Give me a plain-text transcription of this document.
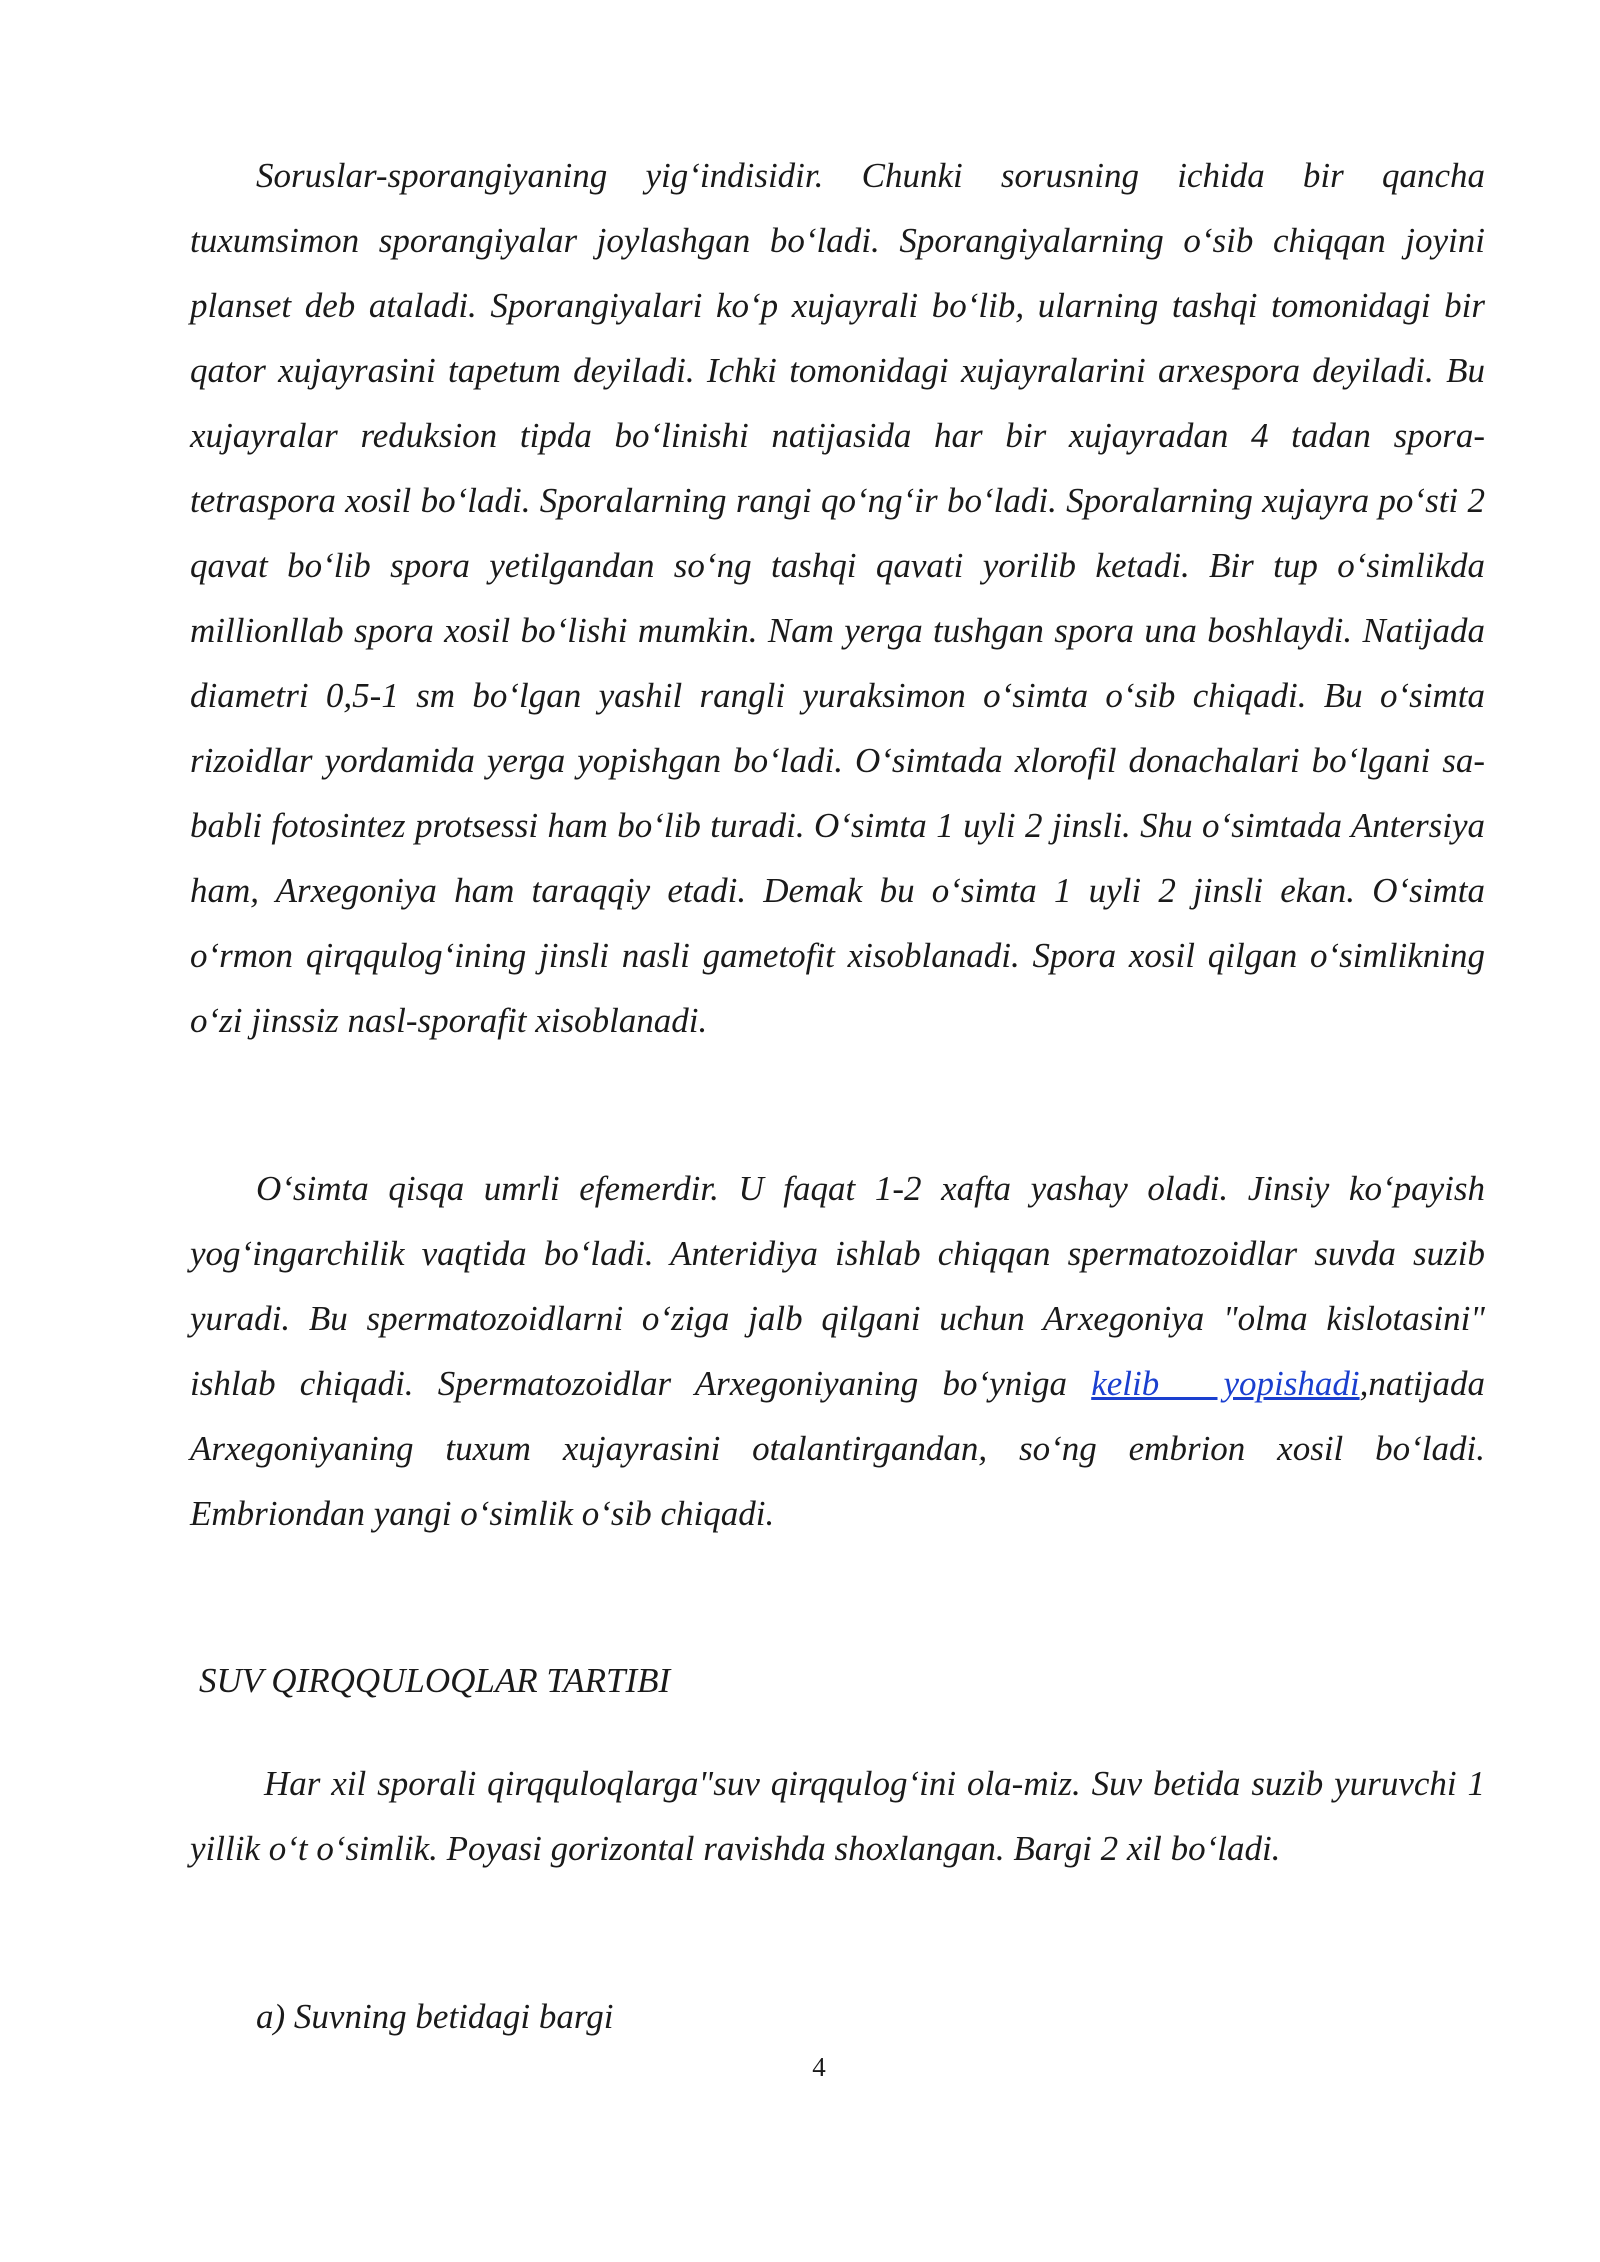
Soruslar-sporangiyaning yig‘indisidir. Chunki sorusning ichida bir qancha tuxumsimon sporangiyalar joylashgan bo‘ladi. Sporangiyalarning o‘sib chiqqan joyini planset deb ataladi. Sporangiyalari ko‘p xujayrali bo‘lib, ularning tashqi tomonidagi bir qator xujayrasini tapetum deyiladi. Ichki tomonidagi xujayralarini arxespora deyiladi. Bu xujayralar reduksion tipda bo‘linishi natijasida har bir xujayradan 4 tadan spora-tetraspora xosil bo‘ladi. Sporalarning rangi qo‘ng‘ir bo‘ladi. Sporalarning xujayra po‘sti 2 qavat bo‘lib spora yetilgandan so‘ng tashqi qavati yorilib ketadi. Bir tup o‘simlikda millionllab spora xosil bo‘lishi mumkin. Nam yerga tushgan spora una boshlaydi. Natijada diametri 0,5-1 sm bo‘lgan yashil rangli yuraksimon o‘simta o‘sib chiqadi. Bu o‘simta rizoidlar yordamida yerga yopishgan bo‘ladi. O‘simtada xlorofil donachalari bo‘lgani sababli fotosintez protsessi ham bo‘lib turadi. O‘simta 1 uyli 2 jinsli. Shu o‘simtada Antersiya ham, Arxegoniya ham taraqqiy etadi. Demak bu o‘simta 1 uyli 2 jinsli ekan. O‘simta o‘rmon qirqqulog‘ining jinsli nasli gametofit xisoblanadi. Spora xosil qilgan o‘simlikning o‘zi jinssiz nasl-sporafit xisoblanadi.

O‘simta qisqa umrli efemerdir. U faqat 1-2 xafta yashay oladi. Jinsiy ko‘payish yog‘ingarchilik vaqtida bo‘ladi. Anteridiya ishlab chiqqan spermatozoidlar suvda suzib yuradi. Bu spermatozoidlarni o‘ziga jalb qilgani uchun Arxegoniya "olma kislotasini" ishlab chiqadi. Spermatozoidlar Arxegoniyaning bo‘yniga kelib yopishadi,natijada Arxegoniyaning tuxum xujayrasini otalantirgandan, so‘ng embrion xosil bo‘ladi. Embriondan yangi o‘simlik o‘sib chiqadi.

SUV QIRQQULOQLAR TARTIBI

Har xil sporali qirqquloqlarga"suv qirqqulog‘ini ola-miz. Suv betida suzib yuruvchi 1 yillik o‘t o‘simlik. Poyasi gorizontal ravishda shoxlangan. Bargi 2 xil bo‘ladi.

a) Suvning betidagi bargi
4
